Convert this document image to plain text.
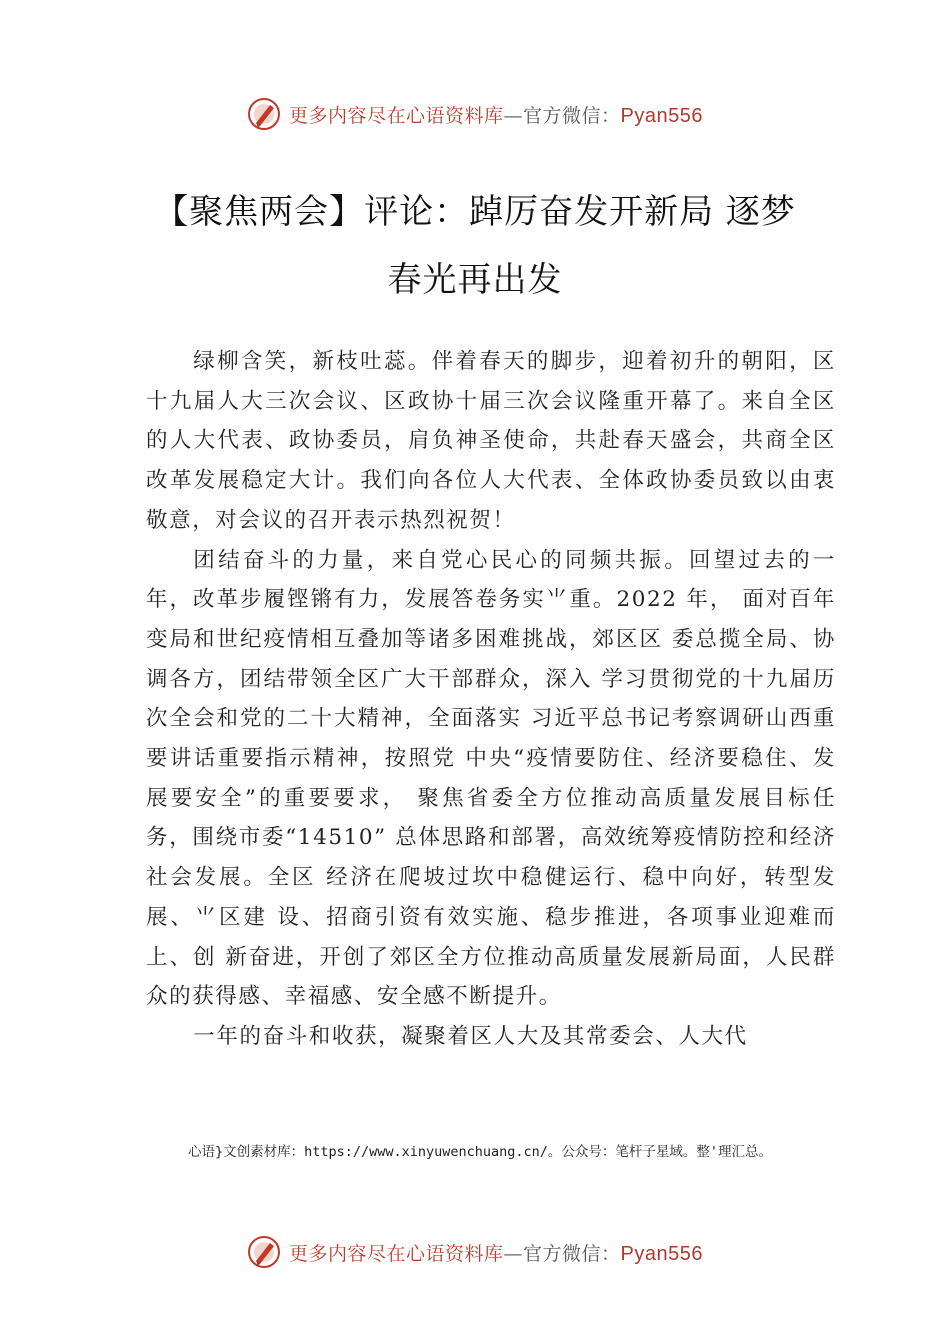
更多内容尽在心语资料库—官方微信：Pyan556
【聚焦两会】评论：踔厉奋发开新局 逐梦
春光再出发

绿柳含笑，新枝吐蕊。伴着春天的脚步，迎着初升的朝阳，区十九届人大三次会议、区政协十届三次会议隆重开幕了。来自全区的人大代表、政协委员，肩负神圣使命，共赴春天盛会，共商全区改革发展稳定大计。我们向各位人大代表、全体政协委员致以由衷敬意，对会议的召开表示热烈祝贺！

团结奋斗的力量，来自党心民心的同频共振。回望过去的一年，改革步履铿锵有力，发展答卷务实⺌重。2022 年， 面对百年变局和世纪疫情相互叠加等诸多困难挑战，郊区区 委总揽全局、协调各方，团结带领全区广大干部群众，深入 学习贯彻党的十九届历次全会和党的二十大精神，全面落实 习近平总书记考察调研山西重要讲话重要指示精神，按照党 中央“疫情要防住、经济要稳住、发展要安全”的重要要求， 聚焦省委全方位推动高质量发展目标任务，围绕市委“14510” 总体思路和部署，高效统筹疫情防控和经济社会发展。全区 经济在爬坡过坎中稳健运行、稳中向好，转型发展、⺌区建 设、招商引资有效实施、稳步推进，各项事业迎难而上、创 新奋进，开创了郊区全方位推动高质量发展新局面，人民群 众的获得感、幸福感、安全感不断提升。

一年的奋斗和收获，凝聚着区人大及其常委会、人大代

心语}文创素材库：https://www.xinyuwenchuang.cn/。公众号：笔杆子星域。整'理汇总。
更多内容尽在心语资料库—官方微信：Pyan556
